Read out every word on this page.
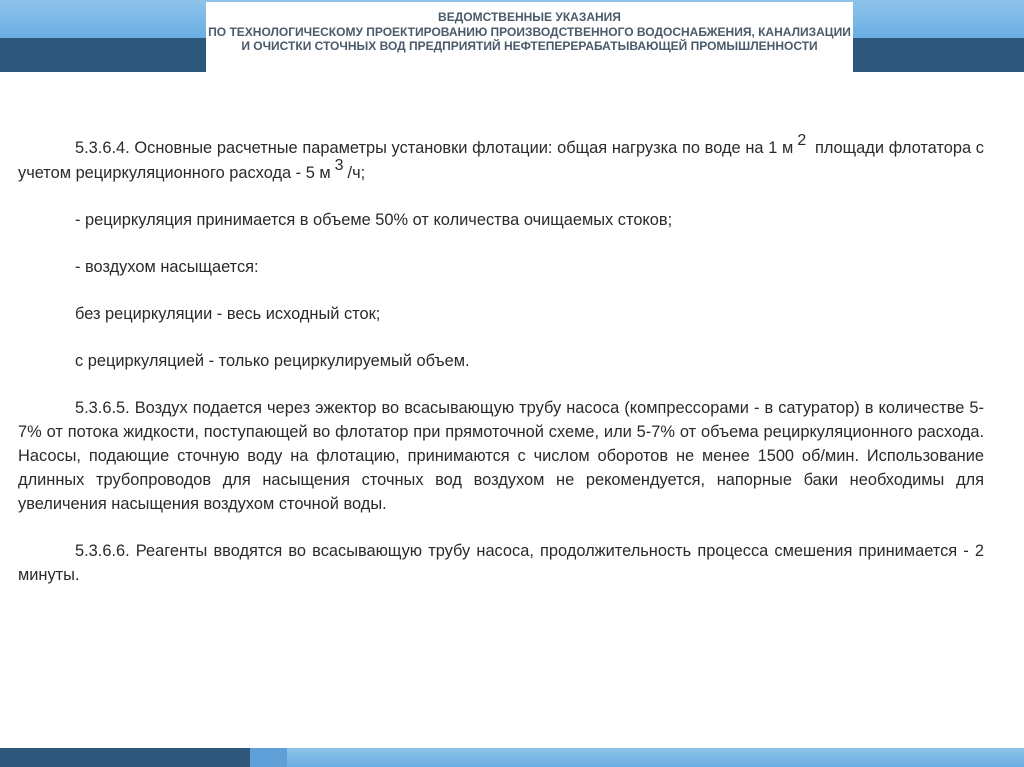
ВЕДОМСТВЕННЫЕ УКАЗАНИЯ

ПО ТЕХНОЛОГИЧЕСКОМУ ПРОЕКТИРОВАНИЮ ПРОИЗВОДСТВЕННОГО ВОДОСНАБЖЕНИЯ, КАНАЛИЗАЦИИ И ОЧИСТКИ СТОЧНЫХ ВОД ПРЕДПРИЯТИЙ НЕФТЕПЕРЕРАБАТЫВАЮЩЕЙ ПРОМЫШЛЕННОСТИ

5.3.6.4. Основные расчетные параметры установки флотации: общая нагрузка по воде на 1 м 2 площади флотатора с учетом рециркуляционного расхода - 5 м 3 /ч;

- рециркуляция принимается в объеме 50% от количества очищаемых стоков;

- воздухом насыщается:

без рециркуляции - весь исходный сток;

с рециркуляцией - только рециркулируемый объем.

5.3.6.5. Воздух подается через эжектор во всасывающую трубу насоса (компрессорами - в сатуратор) в количестве 5-7% от потока жидкости, поступающей во флотатор при прямоточной схеме, или 5-7% от объема рециркуляционного расхода. Насосы, подающие сточную воду на флотацию, принимаются с числом оборотов не менее 1500 об/мин. Использование длинных трубопроводов для насыщения сточных вод воздухом не рекомендуется, напорные баки необходимы для увеличения насыщения воздухом сточной воды.

5.3.6.6. Реагенты вводятся во всасывающую трубу насоса, продолжительность процесса смешения принимается - 2 минуты.
